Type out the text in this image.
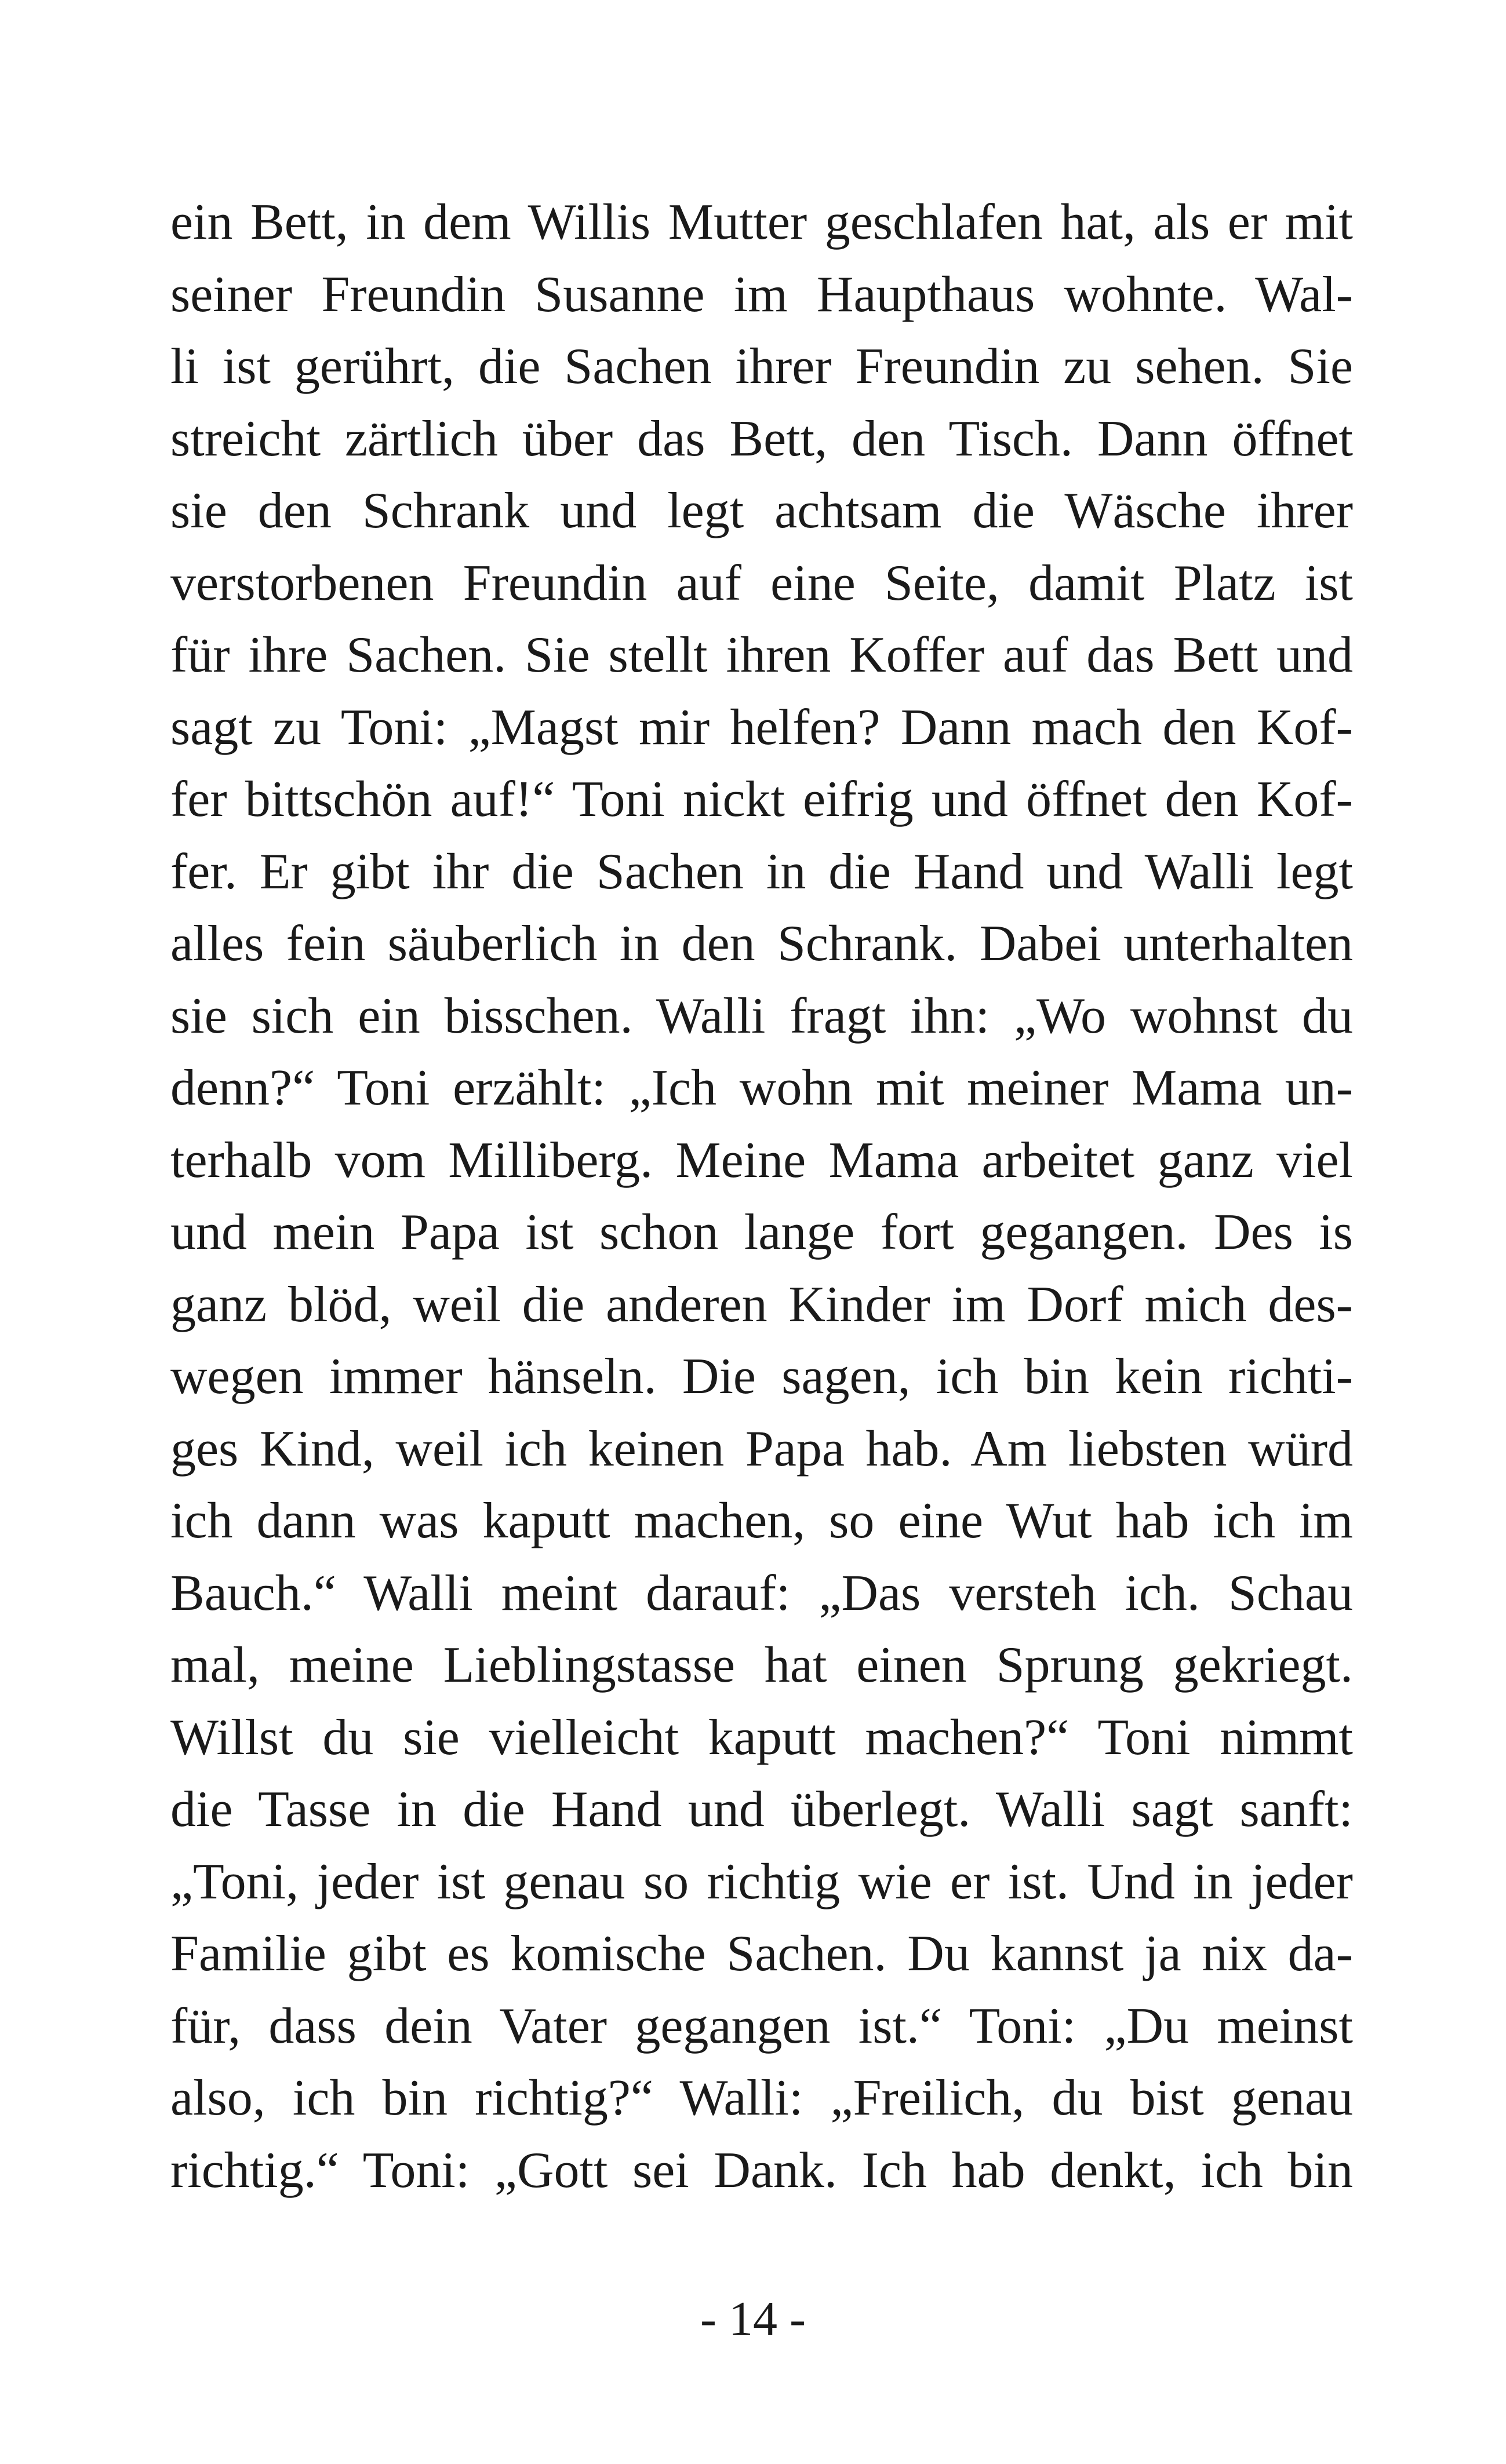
ein Bett, in dem Willis Mutter geschlafen hat, als er mit
seiner Freundin Susanne im Haupthaus wohnte. Wal-
li ist gerührt, die Sachen ihrer Freundin zu sehen. Sie
streicht zärtlich über das Bett, den Tisch. Dann öffnet
sie den Schrank und legt achtsam die Wäsche ihrer
verstorbenen Freundin auf eine Seite, damit Platz ist
für ihre Sachen. Sie stellt ihren Koffer auf das Bett und
sagt zu Toni: „Magst mir helfen? Dann mach den Kof-
fer bittschön auf!“ Toni nickt eifrig und öffnet den Kof-
fer. Er gibt ihr die Sachen in die Hand und Walli legt
alles fein säuberlich in den Schrank. Dabei unterhalten
sie sich ein bisschen. Walli fragt ihn: „Wo wohnst du
denn?“ Toni erzählt: „Ich wohn mit meiner Mama un-
terhalb vom Milliberg. Meine Mama arbeitet ganz viel
und mein Papa ist schon lange fort gegangen. Des is
ganz blöd, weil die anderen Kinder im Dorf mich des-
wegen immer hänseln. Die sagen, ich bin kein richti-
ges Kind, weil ich keinen Papa hab. Am liebsten würd
ich dann was kaputt machen, so eine Wut hab ich im
Bauch.“ Walli meint darauf: „Das versteh ich. Schau
mal, meine Lieblingstasse hat einen Sprung gekriegt.
Willst du sie vielleicht kaputt machen?“ Toni nimmt
die Tasse in die Hand und überlegt. Walli sagt sanft:
„Toni, jeder ist genau so richtig wie er ist. Und in jeder
Familie gibt es komische Sachen. Du kannst ja nix da-
für, dass dein Vater gegangen ist.“ Toni: „Du meinst
also, ich bin richtig?“ Walli: „Freilich, du bist genau
richtig.“ Toni: „Gott sei Dank. Ich hab denkt, ich bin
- 14 -
